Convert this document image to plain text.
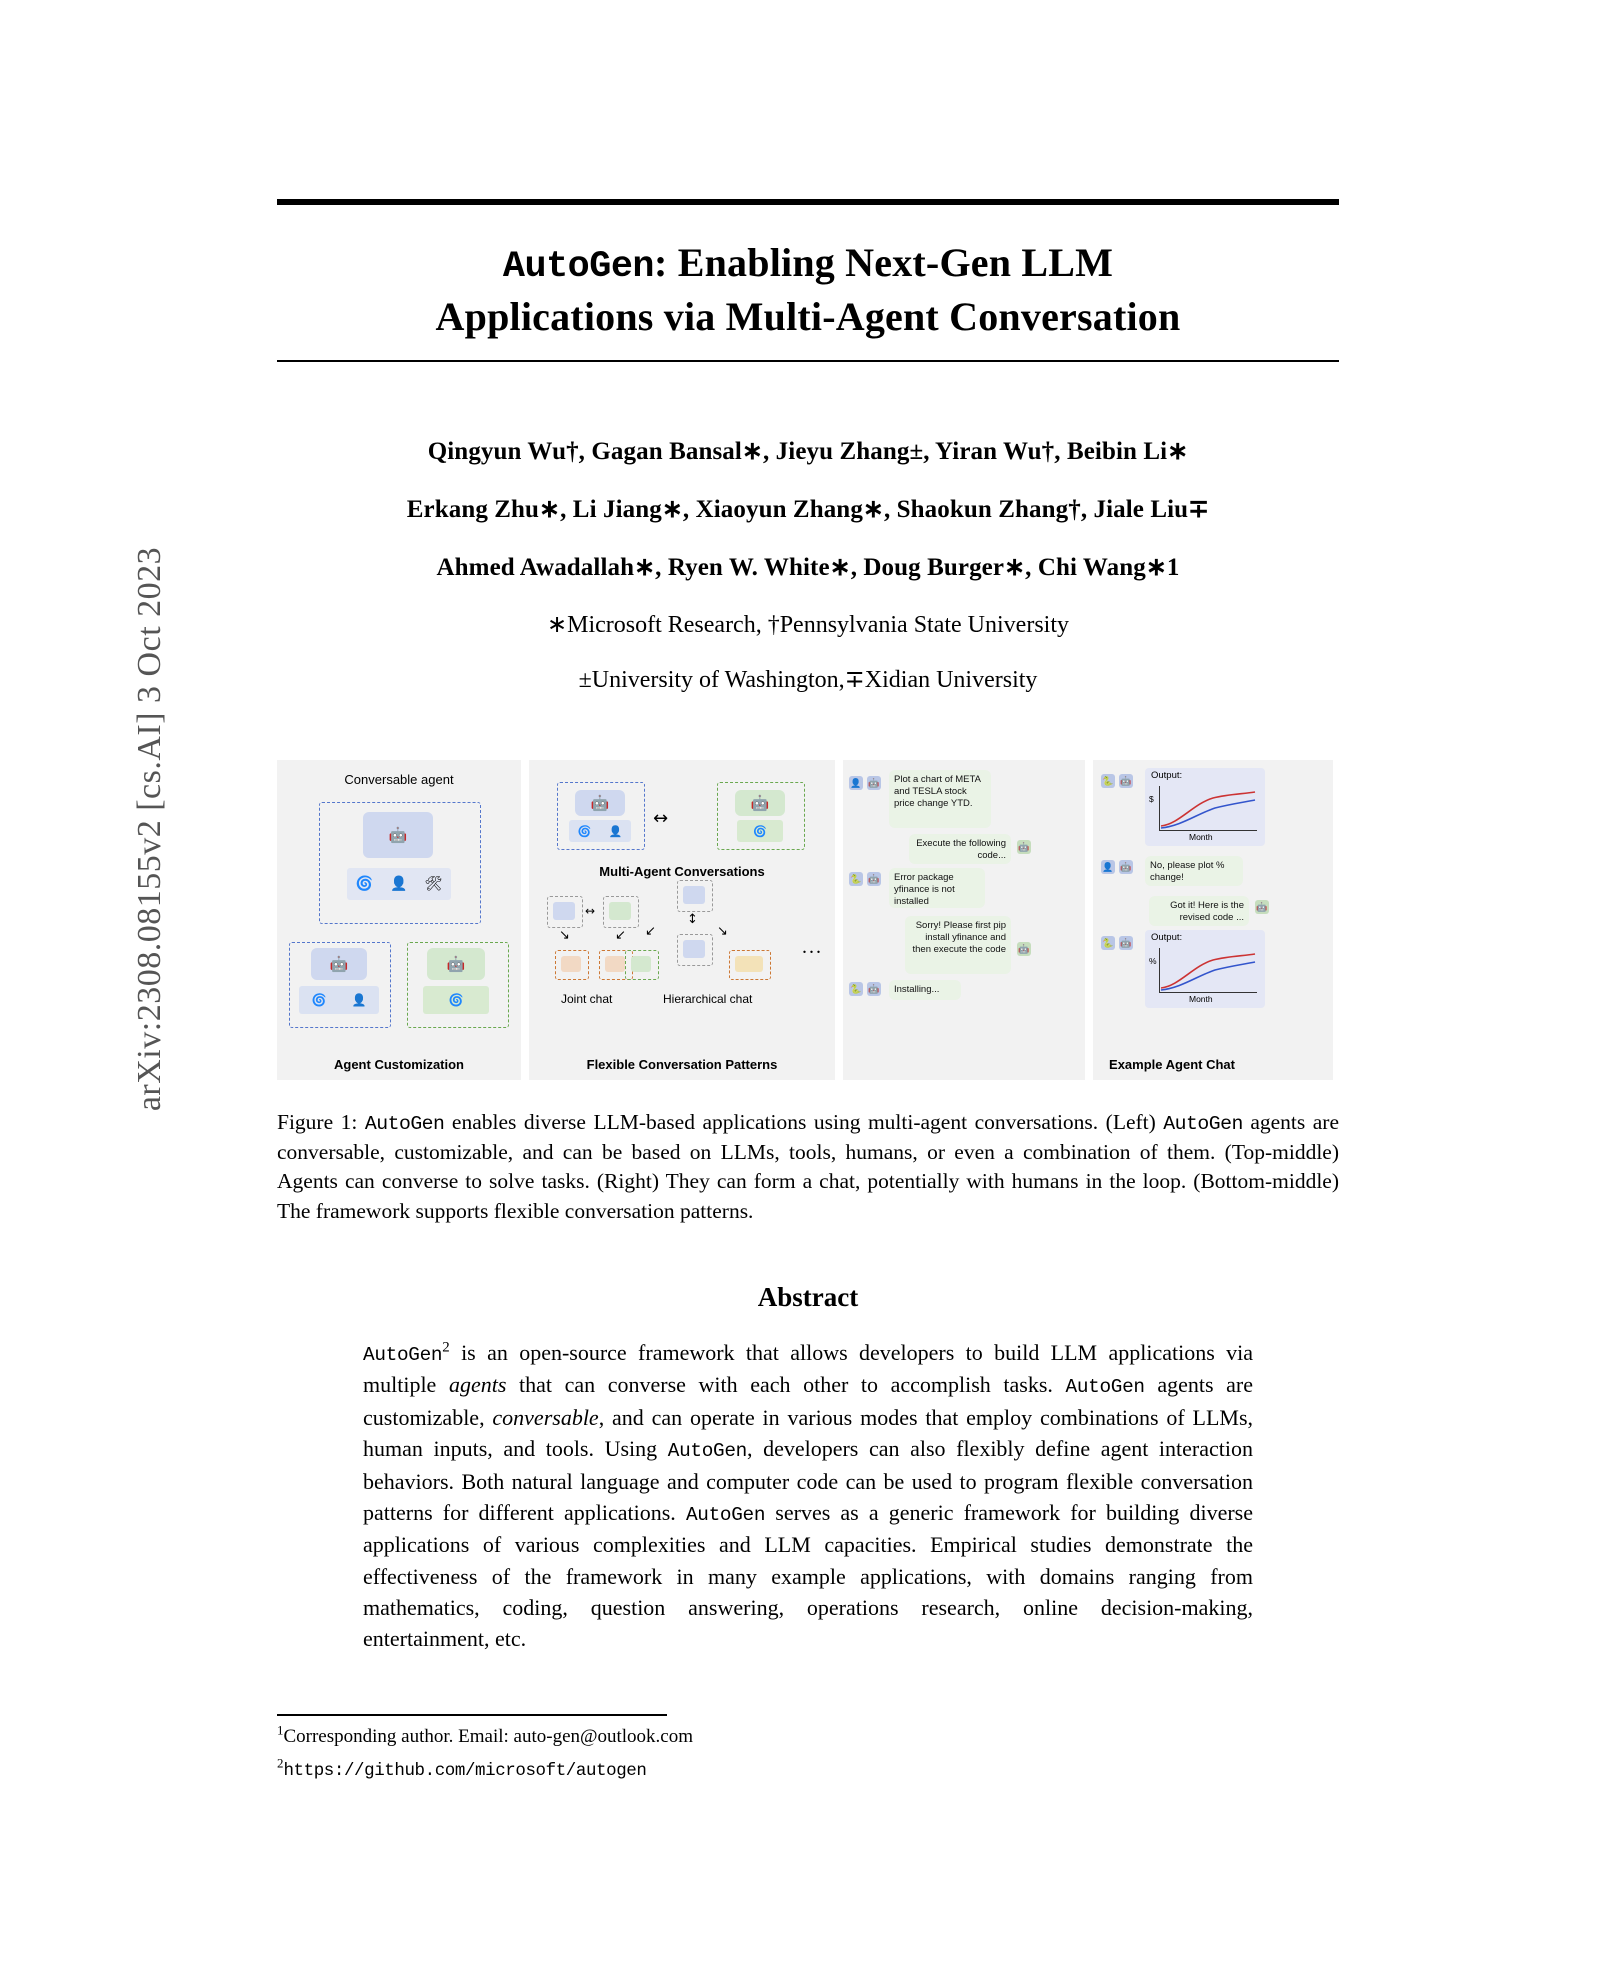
arXiv:2308.08155v2 [cs.AI] 3 Oct 2023
AutoGen: Enabling Next-Gen LLM
Applications via Multi-Agent Conversation
Qingyun Wu†, Gagan Bansal∗, Jieyu Zhang±, Yiran Wu†, Beibin Li∗
Erkang Zhu∗, Li Jiang∗, Xiaoyun Zhang∗, Shaokun Zhang†, Jiale Liu∓
Ahmed Awadallah∗, Ryen W. White∗, Doug Burger∗, Chi Wang∗1
∗Microsoft Research, †Pennsylvania State University
±University of Washington,∓Xidian University
Conversable agent
🤖
🌀 👤 🛠
🤖
🌀 👤
🤖
🌀
Agent Customization
🤖
🌀 👤
↔
🤖
🌀
Multi-Agent Conversations
↔
↘	↙
↕
↙	↘
...
Joint chat	Hierarchical chat
Flexible Conversation Patterns
👤 🤖	Plot a chart of META and TESLA stock price change YTD.
Execute the following code...
🤖
🐍 🤖	Error package yfinance is not installed
Sorry! Please first pip install yfinance and then execute the code	🤖
🐍 🤖	Installing...
🐍 🤖 Output:
$
Month
👤 🤖	No, please plot % change!
Got it! Here is the revised code ...
🤖
🐍 🤖 Output:
%
Month
Example Agent Chat
Figure 1: AutoGen enables diverse LLM-based applications using multi-agent conversations. (Left) AutoGen agents are conversable, customizable, and can be based on LLMs, tools, humans, or even a combination of them. (Top-middle) Agents can converse to solve tasks. (Right) They can form a chat, potentially with humans in the loop. (Bottom-middle) The framework supports flexible conversation patterns.
Abstract
AutoGen$^2$ is an open-source framework that allows developers to build LLM applications via multiple agents that can converse with each other to accomplish tasks. AutoGen agents are customizable, conversable, and can operate in various modes that employ combinations of LLMs, human inputs, and tools. Using AutoGen, developers can also flexibly define agent interaction behaviors. Both natural language and computer code can be used to program flexible conversation patterns for different applications. AutoGen serves as a generic framework for building diverse applications of various complexities and LLM capacities. Empirical studies demonstrate the effectiveness of the framework in many example applications, with domains ranging from mathematics, coding, question answering, operations research, online decision-making, entertainment, etc.
$^1$Corresponding author. Email: auto-gen@outlook.com
$^2$https://github.com/microsoft/autogen
